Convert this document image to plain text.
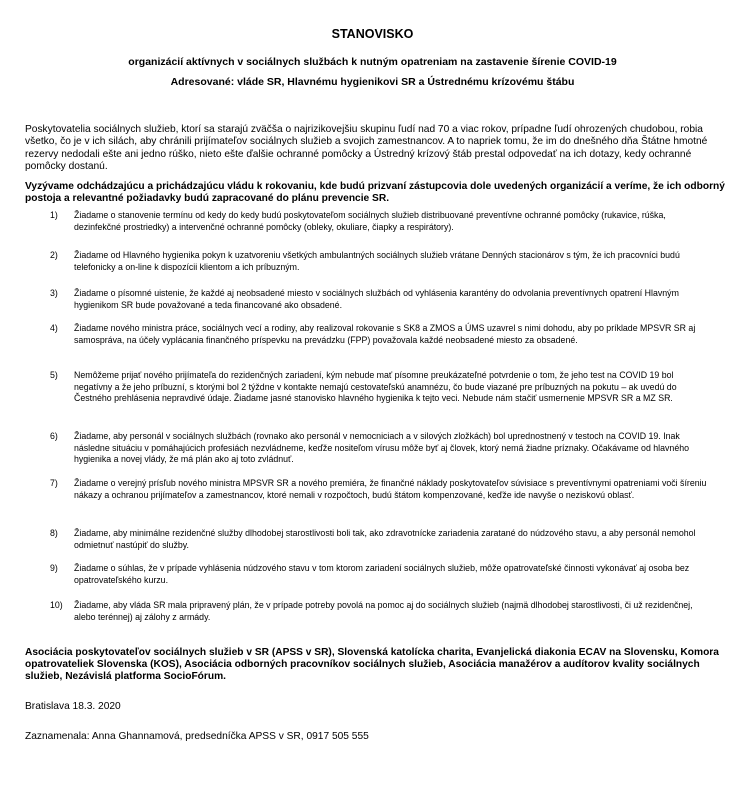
STANOVISKO
organizácií aktívnych v sociálnych službách k nutným opatreniam na zastavenie šírenie COVID-19
Adresované: vláde SR, Hlavnému hygienikovi SR a Ústrednému krízovému štábu
Poskytovatelia sociálnych služieb, ktorí sa starajú zväčša o najrizikovejšiu skupinu ľudí nad 70 a viac rokov, prípadne ľudí ohrozených chudobou, robia všetko, čo je v ich silách, aby chránili prijímateľov sociálnych služieb a svojich zamestnancov. A to napriek tomu, že im do dnešného dňa Štátne hmotné rezervy nedodali ešte ani jedno rúško, nieto ešte ďalšie ochranné pomôcky a Ústredný krízový štáb prestal odpovedať na ich dotazy, kedy ochranné pomôcky dostanú.
Vyzývame odchádzajúcu a prichádzajúcu vládu k rokovaniu, kde budú prizvaní zástupcovia dole uvedených organizácií a veríme, že ich odborný postoja a relevantné požiadavky budú zapracované do plánu prevencie SR.
1)	Žiadame o stanovenie termínu od kedy do kedy budú poskytovateľom sociálnych služieb distribuované preventívne ochranné pomôcky (rukavice, rúška, dezinfekčné prostriedky) a intervenčné ochranné pomôcky (obleky, okuliare, čiapky a respirátory).
2)	Žiadame od Hlavného hygienika pokyn k uzatvoreniu všetkých ambulantných sociálnych služieb vrátane Denných stacionárov s tým, že ich pracovníci budú telefonicky a on-line k dispozícii klientom a ich príbuzným.
3)	Žiadame o písomné uistenie, že každé aj neobsadené miesto v sociálnych službách od vyhlásenia karantény do odvolania preventívnych opatrení Hlavným hygienikom SR bude považované a teda financované ako obsadené.
4)	Žiadame nového ministra práce, sociálnych vecí a rodiny, aby realizoval rokovanie s SK8 a ZMOS a ÚMS uzavrel s nimi dohodu, aby po príklade MPSVR SR aj samospráva, na účely vyplácania finančného príspevku na prevádzku (FPP) považovala každé neobsadené miesto za obsadené.
5)	Nemôžeme prijať nového prijímateľa do rezidenčných zariadení, kým nebude mať písomne preukázateľné potvrdenie o tom, že jeho test na COVID 19 bol negatívny a že jeho príbuzní, s ktorými bol 2 týždne v kontakte nemajú cestovateľskú anamnézu, čo bude viazané pre príbuzných na pokutu – ak uvedú do Čestného prehlásenia nepravdivé údaje. Žiadame jasné stanovisko hlavného hygienika k tejto veci. Nebude nám stačiť usmernenie MPSVR SR a MZ SR.
6)	Žiadame, aby personál v sociálnych službách (rovnako ako personál v nemocniciach a v silových zložkách) bol uprednostnený v testoch na COVID 19. Inak následne situáciu v pomáhajúcich profesiách nezvládneme, keďže nositeľom vírusu môže byť aj človek, ktorý nemá žiadne príznaky. Očakávame od hlavného hygienika a novej vlády, že má plán ako aj toto zvládnuť.
7)	Žiadame o verejný prísľub nového ministra MPSVR SR a nového premiéra, že finančné náklady poskytovateľov súvisiace s preventívnymi opatreniami voči šíreniu nákazy a ochranou prijímateľov a zamestnancov, ktoré nemali v rozpočtoch, budú štátom kompenzované, keďže ide navyše o neziskovú oblasť.
8)	Žiadame, aby minimálne rezidenčné služby dlhodobej starostlivosti boli tak, ako zdravotnícke zariadenia zaratané do núdzového stavu, a aby personál nemohol odmietnuť nastúpiť do služby.
9)	Žiadame o súhlas, že v prípade vyhlásenia núdzového stavu v tom ktorom zariadení sociálnych služieb, môže opatrovateľské činnosti vykonávať aj osoba bez opatrovateľského kurzu.
10)	Žiadame, aby vláda SR mala pripravený plán, že v prípade potreby povolá na pomoc aj do sociálnych služieb (najmä dlhodobej starostlivosti, či už rezidenčnej, alebo terénnej) aj zálohy z armády.
Asociácia poskytovateľov sociálnych služieb v SR (APSS v SR), Slovenská katolícka charita, Evanjelická diakonia ECAV na Slovensku, Komora opatrovateliek Slovenska (KOS), Asociácia odborných pracovníkov sociálnych služieb, Asociácia manažérov a audítorov kvality sociálnych služieb, Nezávislá platforma SocioFórum.
Bratislava 18.3. 2020
Zaznamenala: Anna Ghannamová, predsedníčka APSS v SR, 0917 505 555
